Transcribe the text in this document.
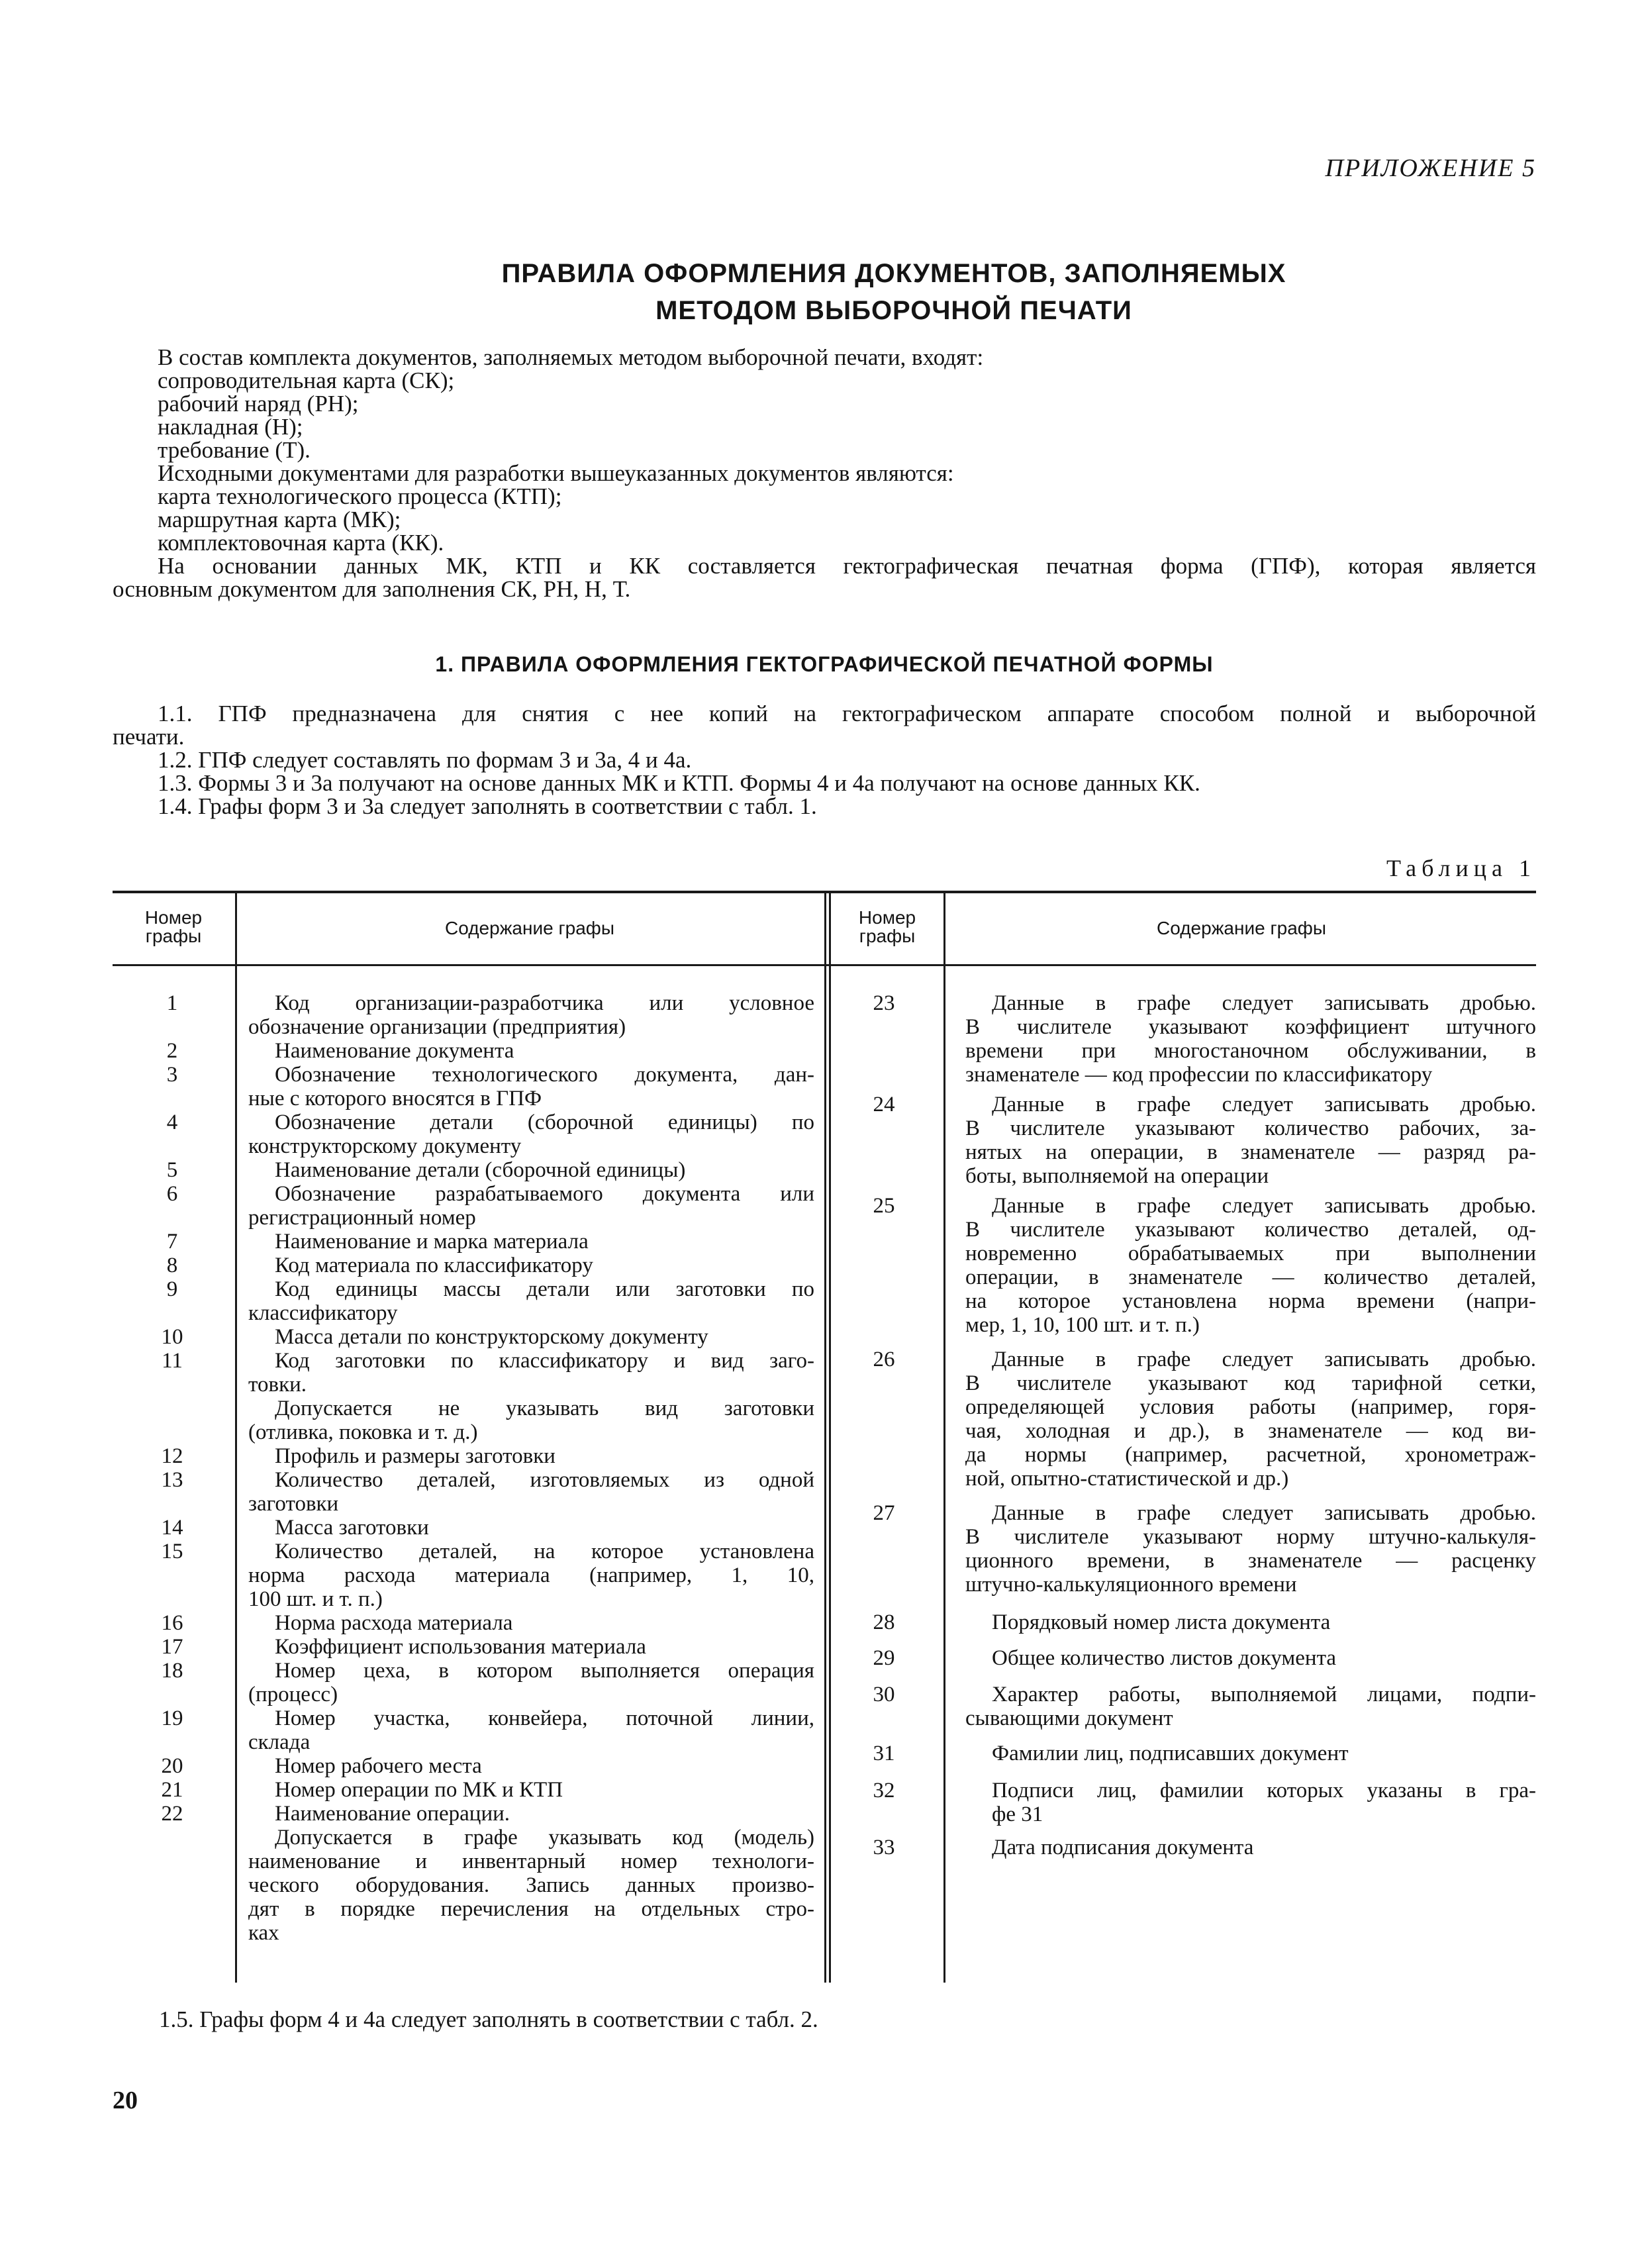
ПРИЛОЖЕНИЕ 5
ПРАВИЛА ОФОРМЛЕНИЯ ДОКУМЕНТОВ, ЗАПОЛНЯЕМЫХ
МЕТОДОМ ВЫБОРОЧНОЙ ПЕЧАТИ
В состав комплекта документов, заполняемых методом выборочной печати, входят:
сопроводительная карта (СК);
рабочий наряд (РН);
накладная (Н);
требование (Т).
Исходными документами для разработки вышеуказанных документов являются:
карта технологического процесса (КТП);
маршрутная карта (МК);
комплектовочная карта (КК).
На основании данных МК, КТП и КК составляется гектографическая печатная форма (ГПФ), которая является
основным документом для заполнения СК, РН, Н, Т.
1. ПРАВИЛА ОФОРМЛЕНИЯ ГЕКТОГРАФИЧЕСКОЙ ПЕЧАТНОЙ ФОРМЫ
1.1. ГПФ предназначена для снятия с нее копий на гектографическом аппарате способом полной и выборочной
печати.
1.2. ГПФ следует составлять по формам 3 и 3а, 4 и 4а.
1.3. Формы 3 и 3а получают на основе данных МК и КТП. Формы 4 и 4а получают на основе данных КК.
1.4. Графы форм 3 и 3а следует заполнять в соответствии с табл. 1.
Таблица 1
Номер
графы	Содержание графы
Номер
графы	Содержание графы
1	Код организации-разработчика или условное
обозначение организации (предприятия)
2	Наименование документа
3	Обозначение технологического документа, дан-
ные с которого вносятся в ГПФ
4	Обозначение детали (сборочной единицы) по
конструкторскому документу
5	Наименование детали (сборочной единицы)
6	Обозначение разрабатываемого документа или
регистрационный номер
7	Наименование и марка материала
8	Код материала по классификатору
9	Код единицы массы детали или заготовки по
классификатору
10	Масса детали по конструкторскому документу
11	Код заготовки по классификатору и вид заго-
товки.
Допускается не указывать вид заготовки
(отливка, поковка и т. д.)
12	Профиль и размеры заготовки
13	Количество деталей, изготовляемых из одной
заготовки
14	Масса заготовки
15	Количество деталей, на которое установлена
норма расхода материала (например, 1, 10,
100 шт. и т. п.)
16	Норма расхода материала
17	Коэффициент использования материала
18	Номер цеха, в котором выполняется операция
(процесс)
19	Номер участка, конвейера, поточной линии,
склада
20	Номер рабочего места
21	Номер операции по МК и КТП
22	Наименование операции.
Допускается в графе указывать код (модель)
наименование и инвентарный номер технологи-
ческого оборудования. Запись данных произво-
дят в порядке перечисления на отдельных стро-
ках
23	Данные в графе следует записывать дробью.
В числителе указывают коэффициент штучного
времени при многостаночном обслуживании, в
знаменателе — код профессии по классификатору
24	Данные в графе следует записывать дробью.
В числителе указывают количество рабочих, за-
нятых на операции, в знаменателе — разряд ра-
боты, выполняемой на операции
25	Данные в графе следует записывать дробью.
В числителе указывают количество деталей, од-
новременно обрабатываемых при выполнении
операции, в знаменателе — количество деталей,
на которое установлена норма времени (напри-
мер, 1, 10, 100 шт. и т. п.)
26	Данные в графе следует записывать дробью.
В числителе указывают код тарифной сетки,
определяющей условия работы (например, горя-
чая, холодная и др.), в знаменателе — код ви-
да нормы (например, расчетной, хронометраж-
ной, опытно-статистической и др.)
27	Данные в графе следует записывать дробью.
В числителе указывают норму штучно-калькуля-
ционного времени, в знаменателе — расценку
штучно-калькуляционного времени
28	Порядковый номер листа документа
29	Общее количество листов документа
30	Характер работы, выполняемой лицами, подпи-
сывающими документ
31	Фамилии лиц, подписавших документ
32	Подписи лиц, фамилии которых указаны в гра-
фе 31
33	Дата подписания документа
1.5. Графы форм 4 и 4а следует заполнять в соответствии с табл. 2.
20
